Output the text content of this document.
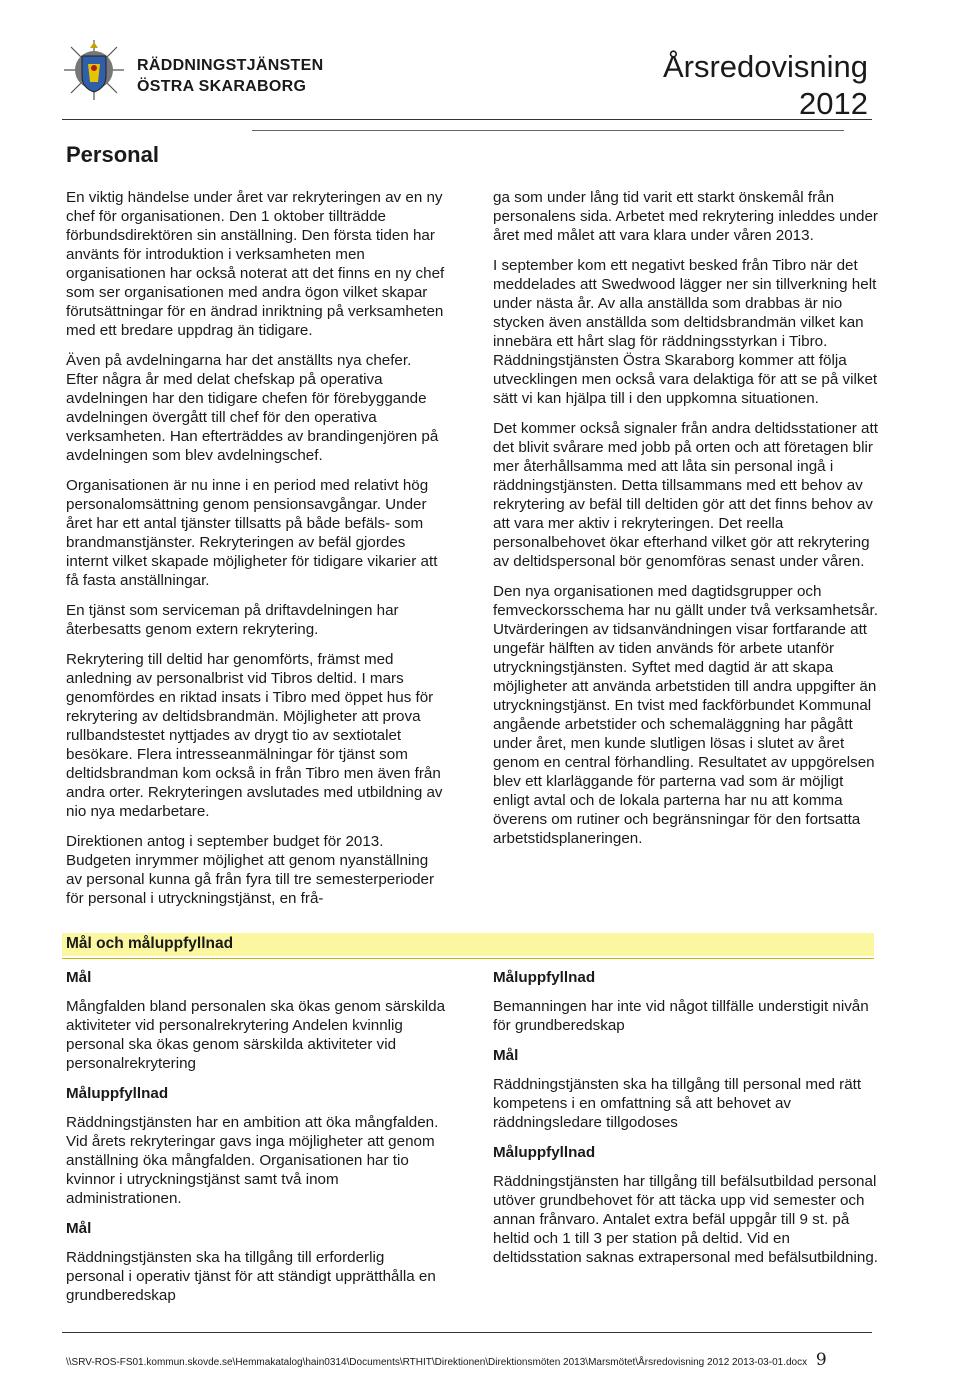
RÄDDNINGSTJÄNSTEN
ÖSTRA SKARABORG
Årsredovisning
2012
Personal

En viktig händelse under året var rekryteringen av en ny chef för organisationen. Den 1 oktober tillträdde förbundsdirektören sin anställning. Den första tiden har använts för introduktion i verksamheten men organisationen har också noterat att det finns en ny chef som ser organisationen med andra ögon vilket skapar förutsättningar för en ändrad inriktning på verksamheten med ett bredare uppdrag än tidigare.

Även på avdelningarna har det anställts nya chefer. Efter några år med delat chefskap på operativa avdelningen har den tidigare chefen för förebyggande avdelningen övergått till chef för den operativa verksamheten. Han efterträddes av brandingenjören på avdelningen som blev avdelningschef.

Organisationen är nu inne i en period med relativt hög personalomsättning genom pensionsavgångar. Under året har ett antal tjänster tillsatts på både befäls- som brandmanstjänster. Rekryteringen av befäl gjordes internt vilket skapade möjligheter för tidigare vikarier att få fasta anställningar.

En tjänst som serviceman på driftavdelningen har återbesatts genom extern rekrytering.

Rekrytering till deltid har genomförts, främst med anledning av personalbrist vid Tibros deltid. I mars genomfördes en riktad insats i Tibro med öppet hus för rekrytering av deltidsbrandmän. Möjligheter att prova rullbandstestet nyttjades av drygt tio av sextiotalet besökare. Flera intresseanmälningar för tjänst som deltidsbrandman kom också in från Tibro men även från andra orter. Rekryteringen avslutades med utbildning av nio nya medarbetare.

Direktionen antog i september budget för 2013. Budgeten inrymmer möjlighet att genom nyanställning av personal kunna gå från fyra till tre semesterperioder för personal i utryckningstjänst, en frå-

ga som under lång tid varit ett starkt önskemål från personalens sida. Arbetet med rekrytering inleddes under året med målet att vara klara under våren 2013.

I september kom ett negativt besked från Tibro när det meddelades att Swedwood lägger ner sin tillverkning helt under nästa år. Av alla anställda som drabbas är nio stycken även anställda som deltidsbrandmän vilket kan innebära ett hårt slag för räddningsstyrkan i Tibro. Räddningstjänsten Östra Skaraborg kommer att följa utvecklingen men också vara delaktiga för att se på vilket sätt vi kan hjälpa till i den uppkomna situationen.

Det kommer också signaler från andra deltidsstationer att det blivit svårare med jobb på orten och att företagen blir mer återhållsamma med att låta sin personal ingå i räddningstjänsten. Detta tillsammans med ett behov av rekrytering av befäl till deltiden gör att det finns behov av att vara mer aktiv i rekryteringen. Det reella personalbehovet ökar efterhand vilket gör att rekrytering av deltidspersonal bör genomföras senast under våren.

Den nya organisationen med dagtidsgrupper och femveckorsschema har nu gällt under två verksamhetsår. Utvärderingen av tidsanvändningen visar fortfarande att ungefär hälften av tiden används för arbete utanför utryckningstjänsten. Syftet med dagtid är att skapa möjligheter att använda arbetstiden till andra uppgifter än utryckningstjänst. En tvist med fackförbundet Kommunal angående arbetstider och schemaläggning har pågått under året, men kunde slutligen lösas i slutet av året genom en central förhandling. Resultatet av uppgörelsen blev ett klarläggande för parterna vad som är möjligt enligt avtal och de lokala parterna har nu att komma överens om rutiner och begränsningar för den fortsatta arbetstidsplaneringen.

Mål och måluppfyllnad
Mål

Mångfalden bland personalen ska ökas genom särskilda aktiviteter vid personalrekrytering Andelen kvinnlig personal ska ökas genom särskilda aktiviteter vid personalrekrytering

Måluppfyllnad

Räddningstjänsten har en ambition att öka mångfalden. Vid årets rekryteringar gavs inga möjligheter att genom anställning öka mångfalden. Organisationen har tio kvinnor i utryckningstjänst samt två inom administrationen.

Mål

Räddningstjänsten ska ha tillgång till erforderlig personal i operativ tjänst för att ständigt upprätthålla en grundberedskap

Måluppfyllnad

Bemanningen har inte vid något tillfälle understigit nivån för grundberedskap

Mål

Räddningstjänsten ska ha tillgång till personal med rätt kompetens i en omfattning så att behovet av räddningsledare tillgodoses

Måluppfyllnad

Räddningstjänsten har tillgång till befälsutbildad personal utöver grundbehovet för att täcka upp vid semester och annan frånvaro. Antalet extra befäl uppgår till 9 st. på heltid och 1 till 3 per station på deltid. Vid en deltidsstation saknas extrapersonal med befälsutbildning.

\\SRV-ROS-FS01.kommun.skovde.se\Hemmakatalog\hain0314\Documents\RTHIT\Direktionen\Direktionsmöten 2013\Marsmötet\Årsredovisning 2012 2013-03-01.docx 9
